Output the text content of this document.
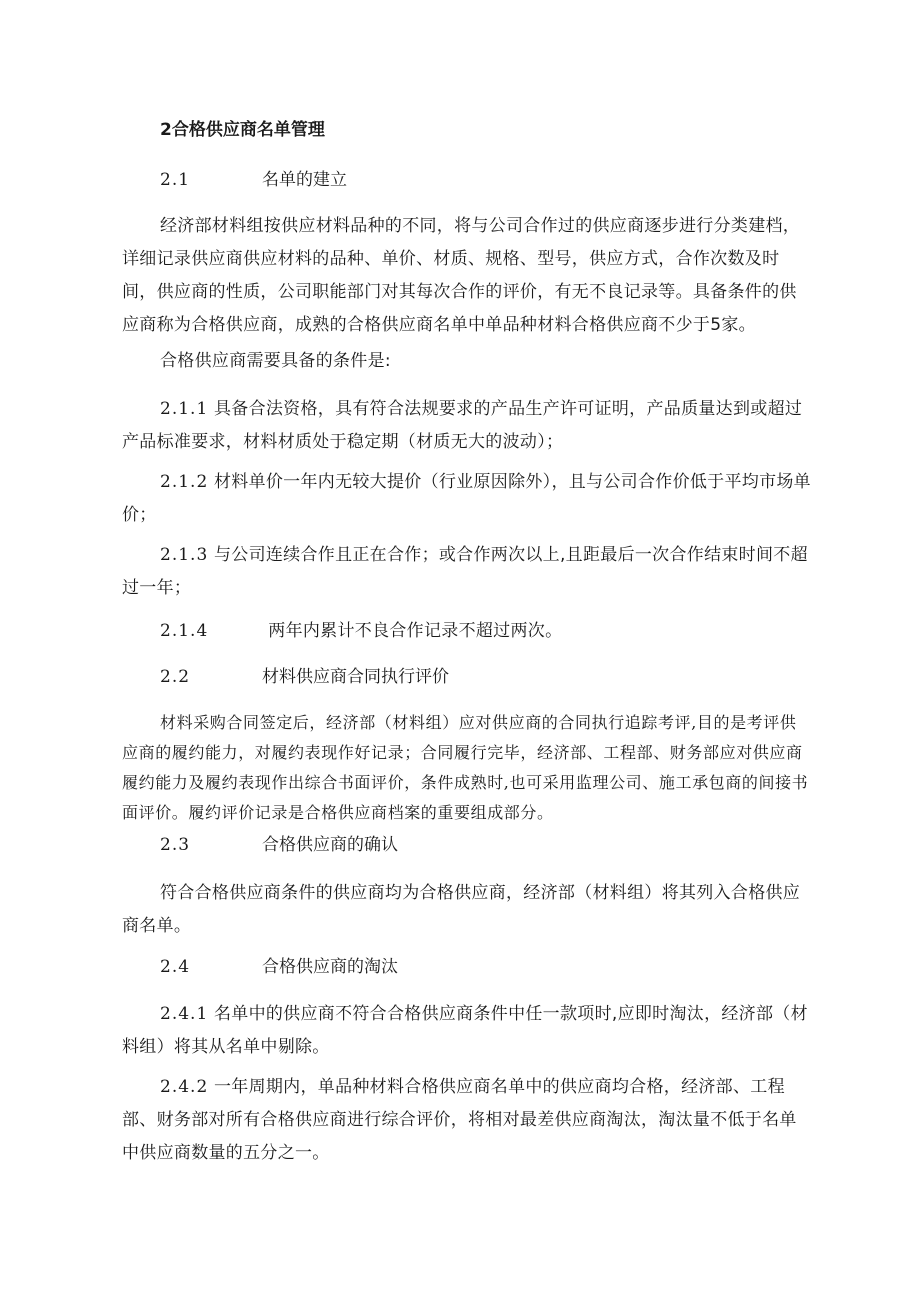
2合格供应商名单管理
2.1	名单的建立

经济部材料组按供应材料品种的不同，将与公司合作过的供应商逐步进行分类建档，详细记录供应商供应材料的品种、单价、材质、规格、型号，供应方式，合作次数及时间，供应商的性质，公司职能部门对其每次合作的评价，有无不良记录等。具备条件的供应商称为合格供应商，成熟的合格供应商名单中单品种材料合格供应商不少于5家。

合格供应商需要具备的条件是:

2.1.1 具备合法资格，具有符合法规要求的产品生产许可证明，产品质量达到或超过产品标准要求，材料材质处于稳定期（材质无大的波动）；

2.1.2 材料单价一年内无较大提价（行业原因除外），且与公司合作价低于平均市场单价；

2.1.3 与公司连续合作且正在合作；或合作两次以上,且距最后一次合作结束时间不超过一年；

2.1.4	两年内累计不良合作记录不超过两次。
2.2	材料供应商合同执行评价

材料采购合同签定后，经济部（材料组）应对供应商的合同执行追踪考评,目的是考评供应商的履约能力，对履约表现作好记录；合同履行完毕，经济部、工程部、财务部应对供应商履约能力及履约表现作出综合书面评价，条件成熟时,也可采用监理公司、施工承包商的间接书面评价。履约评价记录是合格供应商档案的重要组成部分。

2.3	合格供应商的确认

符合合格供应商条件的供应商均为合格供应商，经济部（材料组）将其列入合格供应商名单。

2.4	合格供应商的淘汰

2.4.1 名单中的供应商不符合合格供应商条件中任一款项时,应即时淘汰，经济部（材料组）将其从名单中剔除。

2.4.2 一年周期内，单品种材料合格供应商名单中的供应商均合格，经济部、工程部、财务部对所有合格供应商进行综合评价，将相对最差供应商淘汰，淘汰量不低于名单中供应商数量的五分之一。
